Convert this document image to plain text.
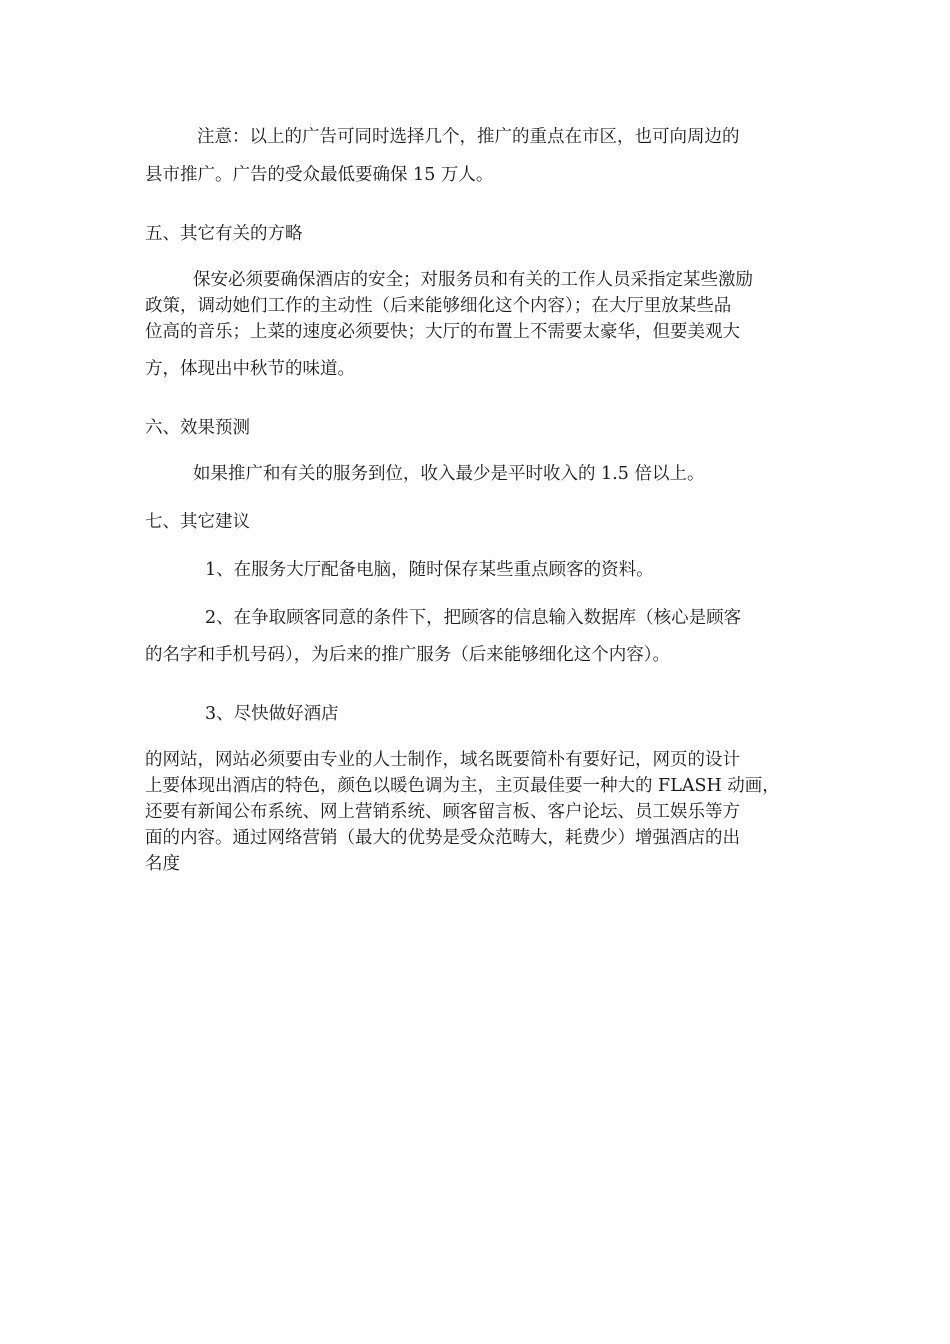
注意：以上的广告可同时选择几个，推广的重点在市区，也可向周边的
县市推广。广告的受众最低要确保 15 万人。
五、其它有关的方略
保安必须要确保酒店的安全；对服务员和有关的工作人员采指定某些激励
政策，调动她们工作的主动性（后来能够细化这个内容）；在大厅里放某些品
位高的音乐；上菜的速度必须要快；大厅的布置上不需要太豪华，但要美观大
方，体现出中秋节的味道。
六、效果预测
如果推广和有关的服务到位，收入最少是平时收入的 1.5 倍以上。
七、其它建议
1、在服务大厅配备电脑，随时保存某些重点顾客的资料。
2、在争取顾客同意的条件下，把顾客的信息输入数据库（核心是顾客
的名字和手机号码），为后来的推广服务（后来能够细化这个内容）。
3、尽快做好酒店
的网站，网站必须要由专业的人士制作，域名既要简朴有要好记，网页的设计
上要体现出酒店的特色，颜色以暖色调为主，主页最佳要一种大的 FLASH 动画，
还要有新闻公布系统、网上营销系统、顾客留言板、客户论坛、员工娱乐等方
面的内容。通过网络营销（最大的优势是受众范畴大，耗费少）增强酒店的出
名度
